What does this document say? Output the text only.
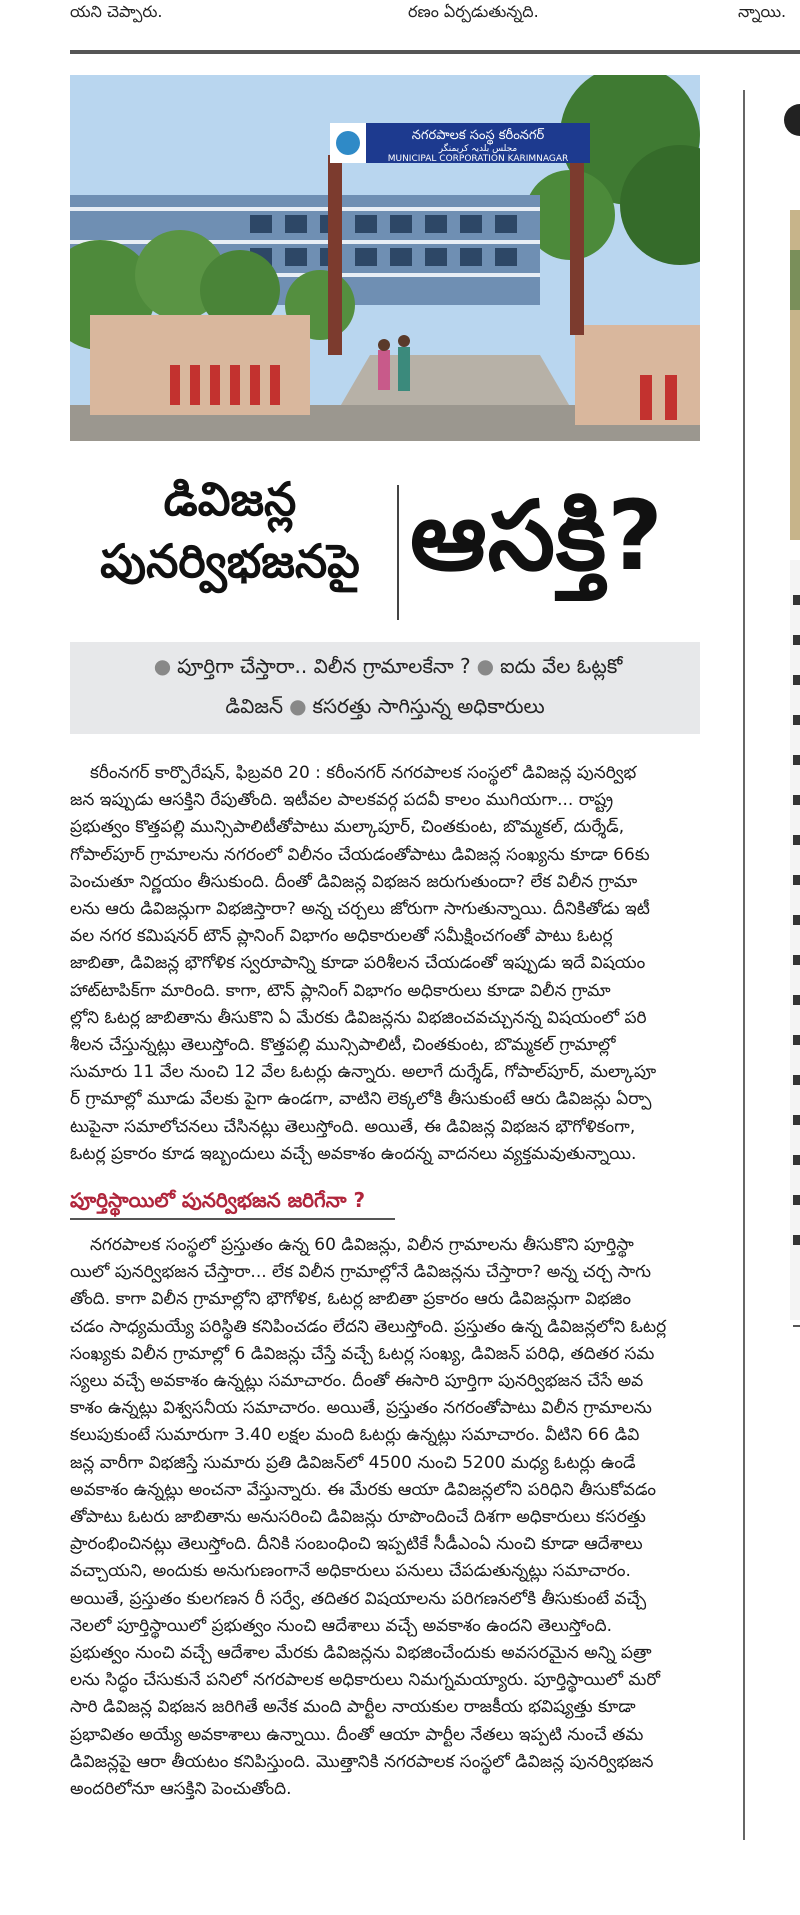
యని చెప్పారు.	రణం ఏర్పడుతున్నది.	న్నాయి.
నగరపాలక సంస్థ కరీంనగర్
مجلس بلدیہ کریمنگر
MUNICIPAL CORPORATION KARIMNAGAR
డివిజన్ల
పునర్విభజనపై ఆసక్తి?
● పూర్తిగా చేస్తారా.. విలీన గ్రామాలకేనా ? ● ఐదు వేల ఓట్లకో
డివిజన్ ● కసరత్తు సాగిస్తున్న అధికారులు
కరీంనగర్ కార్పొరేషన్, ఫిబ్రవరి 20 : కరీంనగర్ నగరపాలక సంస్థలో డివిజన్ల పునర్విభ
జన ఇప్పుడు ఆసక్తిని రేపుతోంది. ఇటీవల పాలకవర్గ పదవీ కాలం ముగియగా... రాష్ట్ర
ప్రభుత్వం కొత్తపల్లి మున్సిపాలిటీతోపాటు మల్కాపూర్, చింతకుంట, బొమ్మకల్, దుర్శేడ్,
గోపాల్‌పూర్ గ్రామాలను నగరంలో విలీనం చేయడంతోపాటు డివిజన్ల సంఖ్యను కూడా 66కు
పెంచుతూ నిర్ణయం తీసుకుంది. దీంతో డివిజన్ల విభజన జరుగుతుందా? లేక విలీన గ్రామా
లను ఆరు డివిజన్లుగా విభజిస్తారా? అన్న చర్చలు జోరుగా సాగుతున్నాయి. దీనికితోడు ఇటీ
వల నగర కమిషనర్ టౌన్ ప్లానింగ్ విభాగం అధికారులతో సమీక్షించగంతో పాటు ఓటర్ల
జాబితా, డివిజన్ల భౌగోళిక స్వరూపాన్ని కూడా పరిశీలన చేయడంతో ఇప్పుడు ఇదే విషయం
హాట్‌టాపిక్‌గా మారింది. కాగా, టౌన్ ప్లానింగ్ విభాగం అధికారులు కూడా విలీన గ్రామా
ల్లోని ఓటర్ల జాబితాను తీసుకొని ఏ మేరకు డివిజన్లను విభజించవచ్చునన్న విషయంలో పరి
శీలన చేస్తున్నట్లు తెలుస్తోంది. కొత్తపల్లి మున్సిపాలిటీ, చింతకుంట, బొమ్మకల్ గ్రామాల్లో
సుమారు 11 వేల నుంచి 12 వేల ఓటర్లు ఉన్నారు. అలాగే దుర్శేడ్, గోపాల్‌పూర్, మల్కాపూ
ర్ గ్రామాల్లో మూడు వేలకు పైగా ఉండగా, వాటిని లెక్కలోకి తీసుకుంటే ఆరు డివిజన్లు ఏర్పా
టుపైనా సమాలోచనలు చేసినట్లు తెలుస్తోంది. అయితే, ఈ డివిజన్ల విభజన భౌగోళికంగా,
ఓటర్ల ప్రకారం కూడ ఇబ్బందులు వచ్చే అవకాశం ఉందన్న వాదనలు వ్యక్తమవుతున్నాయి.
పూర్తిస్థాయిలో పునర్విభజన జరిగేనా ?
నగరపాలక సంస్థలో ప్రస్తుతం ఉన్న 60 డివిజన్లు, విలీన గ్రామాలను తీసుకొని పూర్తిస్థా
యిలో పునర్విభజన చేస్తారా... లేక విలీన గ్రామాల్లోనే డివిజన్లను చేస్తారా? అన్న చర్చ సాగు
తోంది. కాగా విలీన గ్రామాల్లోని భౌగోళిక, ఓటర్ల జాబితా ప్రకారం ఆరు డివిజన్లుగా విభజిం
చడం సాధ్యమయ్యే పరిస్థితి కనిపించడం లేదని తెలుస్తోంది. ప్రస్తుతం ఉన్న డివిజన్లలోని ఓటర్ల
సంఖ్యకు విలీన గ్రామాల్లో 6 డివిజన్లు చేస్తే వచ్చే ఓటర్ల సంఖ్య, డివిజన్ పరిధి, తదితర సమ
స్యలు వచ్చే అవకాశం ఉన్నట్లు సమాచారం. దీంతో ఈసారి పూర్తిగా పునర్విభజన చేసే అవ
కాశం ఉన్నట్లు విశ్వసనీయ సమాచారం. అయితే, ప్రస్తుతం నగరంతోపాటు విలీన గ్రామాలను
కలుపుకుంటే సుమారుగా 3.40 లక్షల మంది ఓటర్లు ఉన్నట్లు సమాచారం. వీటిని 66 డివి
జన్ల వారీగా విభజిస్తే సుమారు ప్రతి డివిజన్‌లో 4500 నుంచి 5200 మధ్య ఓటర్లు ఉండే
అవకాశం ఉన్నట్లు అంచనా వేస్తున్నారు. ఈ మేరకు ఆయా డివిజన్లలోని పరిధిని తీసుకోవడం
తోపాటు ఓటరు జాబితాను అనుసరించి డివిజన్లు రూపొందించే దిశగా అధికారులు కసరత్తు
ప్రారంభించినట్లు తెలుస్తోంది. దీనికి సంబంధించి ఇప్పటికే సీడీఎంఏ నుంచి కూడా ఆదేశాలు
వచ్చాయని, అందుకు అనుగుణంగానే అధికారులు పనులు చేపడుతున్నట్లు సమాచారం.
అయితే, ప్రస్తుతం కులగణన రీ సర్వే, తదితర విషయాలను పరిగణనలోకి తీసుకుంటే వచ్చే
నెలలో పూర్తిస్థాయిలో ప్రభుత్వం నుంచి ఆదేశాలు వచ్చే అవకాశం ఉందని తెలుస్తోంది.
ప్రభుత్వం నుంచి వచ్చే ఆదేశాల మేరకు డివిజన్లను విభజించేందుకు అవసరమైన అన్ని పత్రా
లను సిద్ధం చేసుకునే పనిలో నగరపాలక అధికారులు నిమగ్నమయ్యారు. పూర్తిస్థాయిలో మరో
సారి డివిజన్ల విభజన జరిగితే అనేక మంది పార్టీల నాయకుల రాజకీయ భవిష్యత్తు కూడా
ప్రభావితం అయ్యే అవకాశాలు ఉన్నాయి. దీంతో ఆయా పార్టీల నేతలు ఇప్పటి నుంచే తమ
డివిజన్లపై ఆరా తీయటం కనిపిస్తుంది. మొత్తానికి నగరపాలక సంస్థలో డివిజన్ల పునర్విభజన
అందరిలోనూ ఆసక్తిని పెంచుతోంది.
